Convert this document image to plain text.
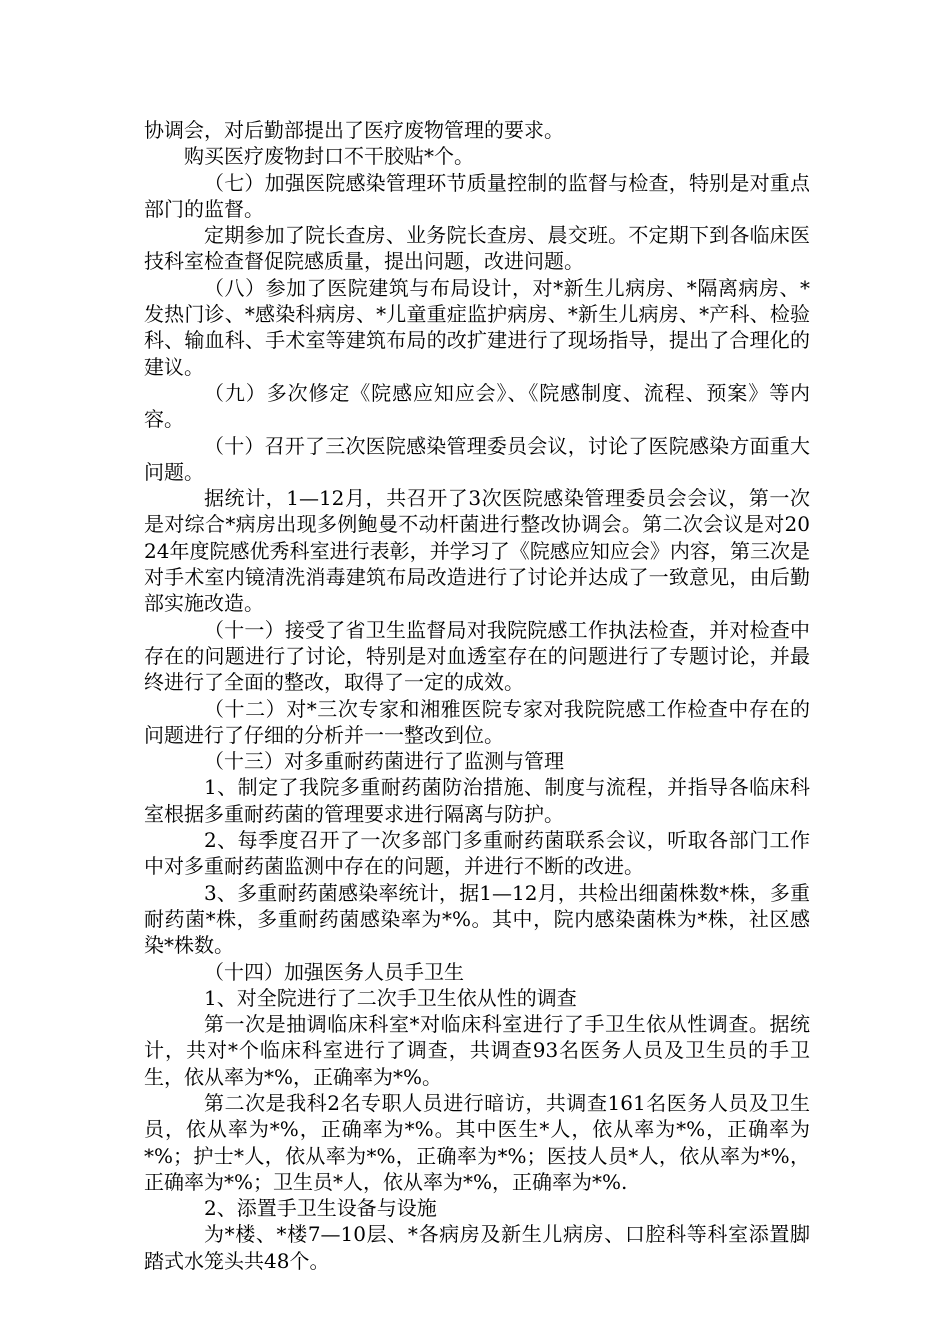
协调会，对后勤部提出了医疗废物管理的要求。

购买医疗废物封口不干胶贴*个。

（七）加强医院感染管理环节质量控制的监督与检查，特别是对重点部门的监督。

定期参加了院长查房、业务院长查房、晨交班。不定期下到各临床医技科室检查督促院感质量，提出问题，改进问题。

（八）参加了医院建筑与布局设计，对*新生儿病房、*隔离病房、*发热门诊、*感染科病房、*儿童重症监护病房、*新生儿病房、*产科、检验科、输血科、手术室等建筑布局的改扩建进行了现场指导，提出了合理化的建议。

（九）多次修定《院感应知应会》、《院感制度、流程、预案》等内容。

（十）召开了三次医院感染管理委员会议，讨论了医院感染方面重大问题。

据统计，1—12月，共召开了3次医院感染管理委员会会议，第一次是对综合*病房出现多例鲍曼不动杆菌进行整改协调会。第二次会议是对2024年度院感优秀科室进行表彰，并学习了《院感应知应会》内容，第三次是对手术室内镜清洗消毒建筑布局改造进行了讨论并达成了一致意见，由后勤部实施改造。

（十一）接受了省卫生监督局对我院院感工作执法检查，并对检查中存在的问题进行了讨论，特别是对血透室存在的问题进行了专题讨论，并最终进行了全面的整改，取得了一定的成效。

（十二）对*三次专家和湘雅医院专家对我院院感工作检查中存在的问题进行了仔细的分析并一一整改到位。

（十三）对多重耐药菌进行了监测与管理

1、制定了我院多重耐药菌防治措施、制度与流程，并指导各临床科室根据多重耐药菌的管理要求进行隔离与防护。

2、每季度召开了一次多部门多重耐药菌联系会议，听取各部门工作中对多重耐药菌监测中存在的问题，并进行不断的改进。

3、多重耐药菌感染率统计，据1—12月，共检出细菌株数*株，多重耐药菌*株，多重耐药菌感染率为*%。其中，院内感染菌株为*株，社区感染*株数。

（十四）加强医务人员手卫生

1、对全院进行了二次手卫生依从性的调查

第一次是抽调临床科室*对临床科室进行了手卫生依从性调查。据统计，共对*个临床科室进行了调查，共调查93名医务人员及卫生员的手卫生，依从率为*%，正确率为*%。

第二次是我科2名专职人员进行暗访，共调查161名医务人员及卫生员，依从率为*%，正确率为*%。其中医生*人，依从率为*%，正确率为*%；护士*人，依从率为*%，正确率为*%；医技人员*人，依从率为*%，正确率为*%；卫生员*人，依从率为*%，正确率为*%.

2、添置手卫生设备与设施

为*楼、*楼7—10层、*各病房及新生儿病房、口腔科等科室添置脚踏式水笼头共48个。
